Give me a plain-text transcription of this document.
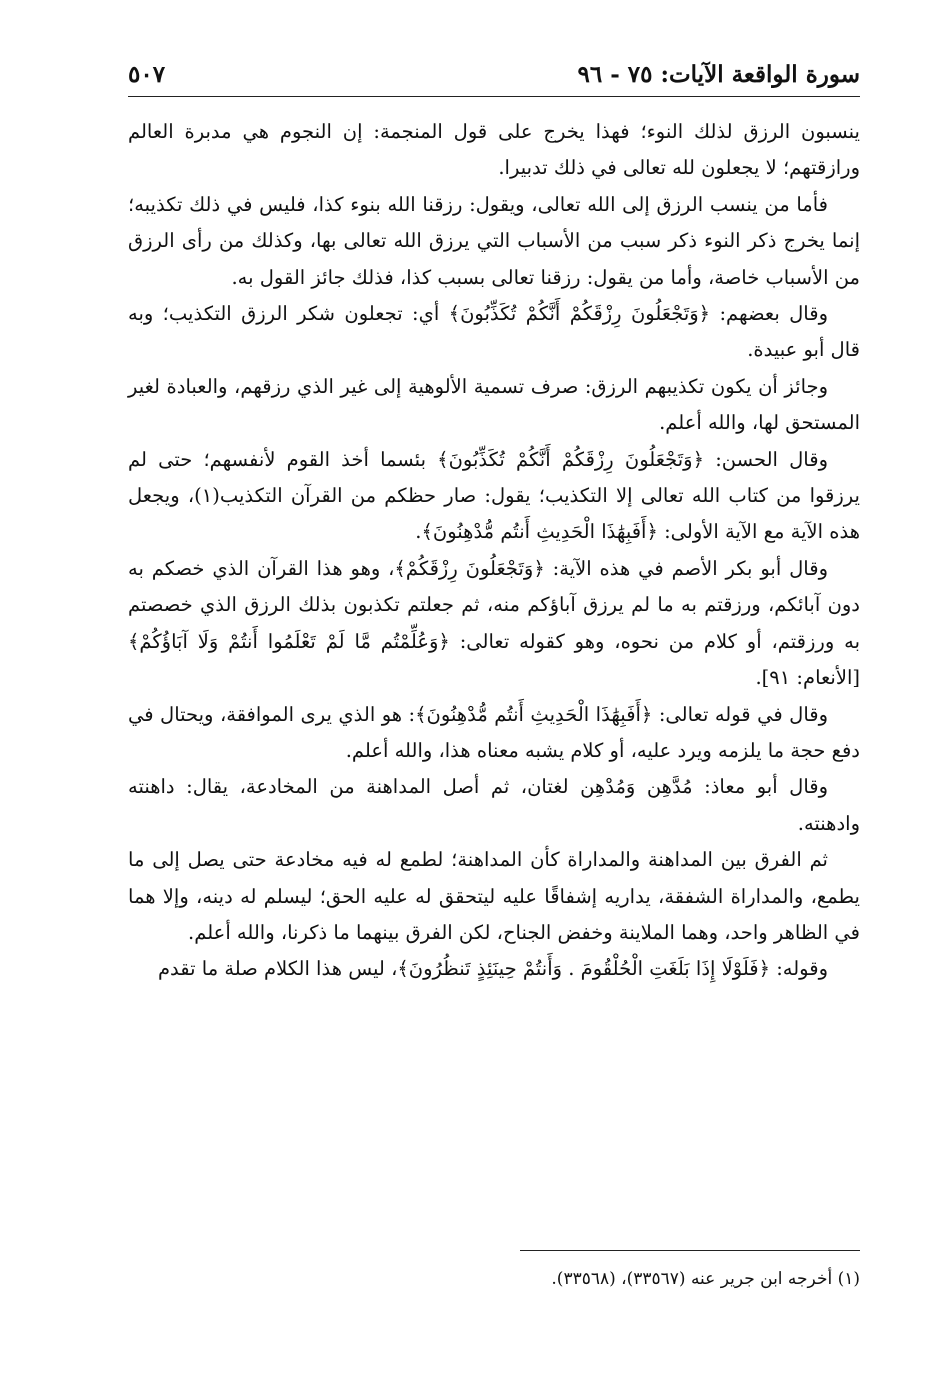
سورة الواقعة الآيات: ٧٥ - ٩٦
٥٠٧

ينسبون الرزق لذلك النوء؛ فهذا يخرج على قول المنجمة: إن النجوم هي مدبرة العالم ورازقتهم؛ لا يجعلون لله تعالى في ذلك تدبيرا.

فأما من ينسب الرزق إلى الله تعالى، ويقول: رزقنا الله بنوء كذا، فليس في ذلك تكذيبه؛ إنما يخرج ذكر النوء ذكر سبب من الأسباب التي يرزق الله تعالى بها، وكذلك من رأى الرزق من الأسباب خاصة، وأما من يقول: رزقنا تعالى بسبب كذا، فذلك جائز القول به.

وقال بعضهم: ﴿وَتَجْعَلُونَ رِزْقَكُمْ أَنَّكُمْ تُكَذِّبُونَ﴾ أي: تجعلون شكر الرزق التكذيب؛ وبه قال أبو عبيدة.

وجائز أن يكون تكذيبهم الرزق: صرف تسمية الألوهية إلى غير الذي رزقهم، والعبادة لغير المستحق لها، والله أعلم.

وقال الحسن: ﴿وَتَجْعَلُونَ رِزْقَكُمْ أَنَّكُمْ تُكَذِّبُونَ﴾ بئسما أخذ القوم لأنفسهم؛ حتى لم يرزقوا من كتاب الله تعالى إلا التكذيب؛ يقول: صار حظكم من القرآن التكذيب(١)، ويجعل هذه الآية مع الآية الأولى: ﴿أَفَبِهَٰذَا الْحَدِيثِ أَنتُم مُّدْهِنُونَ﴾.

وقال أبو بكر الأصم في هذه الآية: ﴿وَتَجْعَلُونَ رِزْقَكُمْ﴾، وهو هذا القرآن الذي خصكم به دون آبائكم، ورزقتم به ما لم يرزق آباؤكم منه، ثم جعلتم تكذبون بذلك الرزق الذي خصصتم به ورزقتم، أو كلام من نحوه، وهو كقوله تعالى: ﴿وَعُلِّمْتُم مَّا لَمْ تَعْلَمُوا أَنتُمْ وَلَا آبَاؤُكُمْ﴾ [الأنعام: ٩١].

وقال في قوله تعالى: ﴿أَفَبِهَٰذَا الْحَدِيثِ أَنتُم مُّدْهِنُونَ﴾: هو الذي يرى الموافقة، ويحتال في دفع حجة ما يلزمه ويرد عليه، أو كلام يشبه معناه هذا، والله أعلم.

وقال أبو معاذ: مُدَّهِن وَمُدْهِن لغتان، ثم أصل المداهنة من المخادعة، يقال: داهنته وادهنته.

ثم الفرق بين المداهنة والمداراة كأن المداهنة؛ لطمع له فيه مخادعة حتى يصل إلى ما يطمع، والمداراة الشفقة، يداريه إشفاقًا عليه ليتحقق له عليه الحق؛ ليسلم له دينه، وإلا هما في الظاهر واحد، وهما الملاينة وخفض الجناح، لكن الفرق بينهما ما ذكرنا، والله أعلم.

وقوله: ﴿فَلَوْلَا إِذَا بَلَغَتِ الْحُلْقُومَ . وَأَنتُمْ حِينَئِذٍ تَنظُرُونَ﴾، ليس هذا الكلام صلة ما تقدم

(١) أخرجه ابن جرير عنه (٣٣٥٦٧)، (٣٣٥٦٨).
